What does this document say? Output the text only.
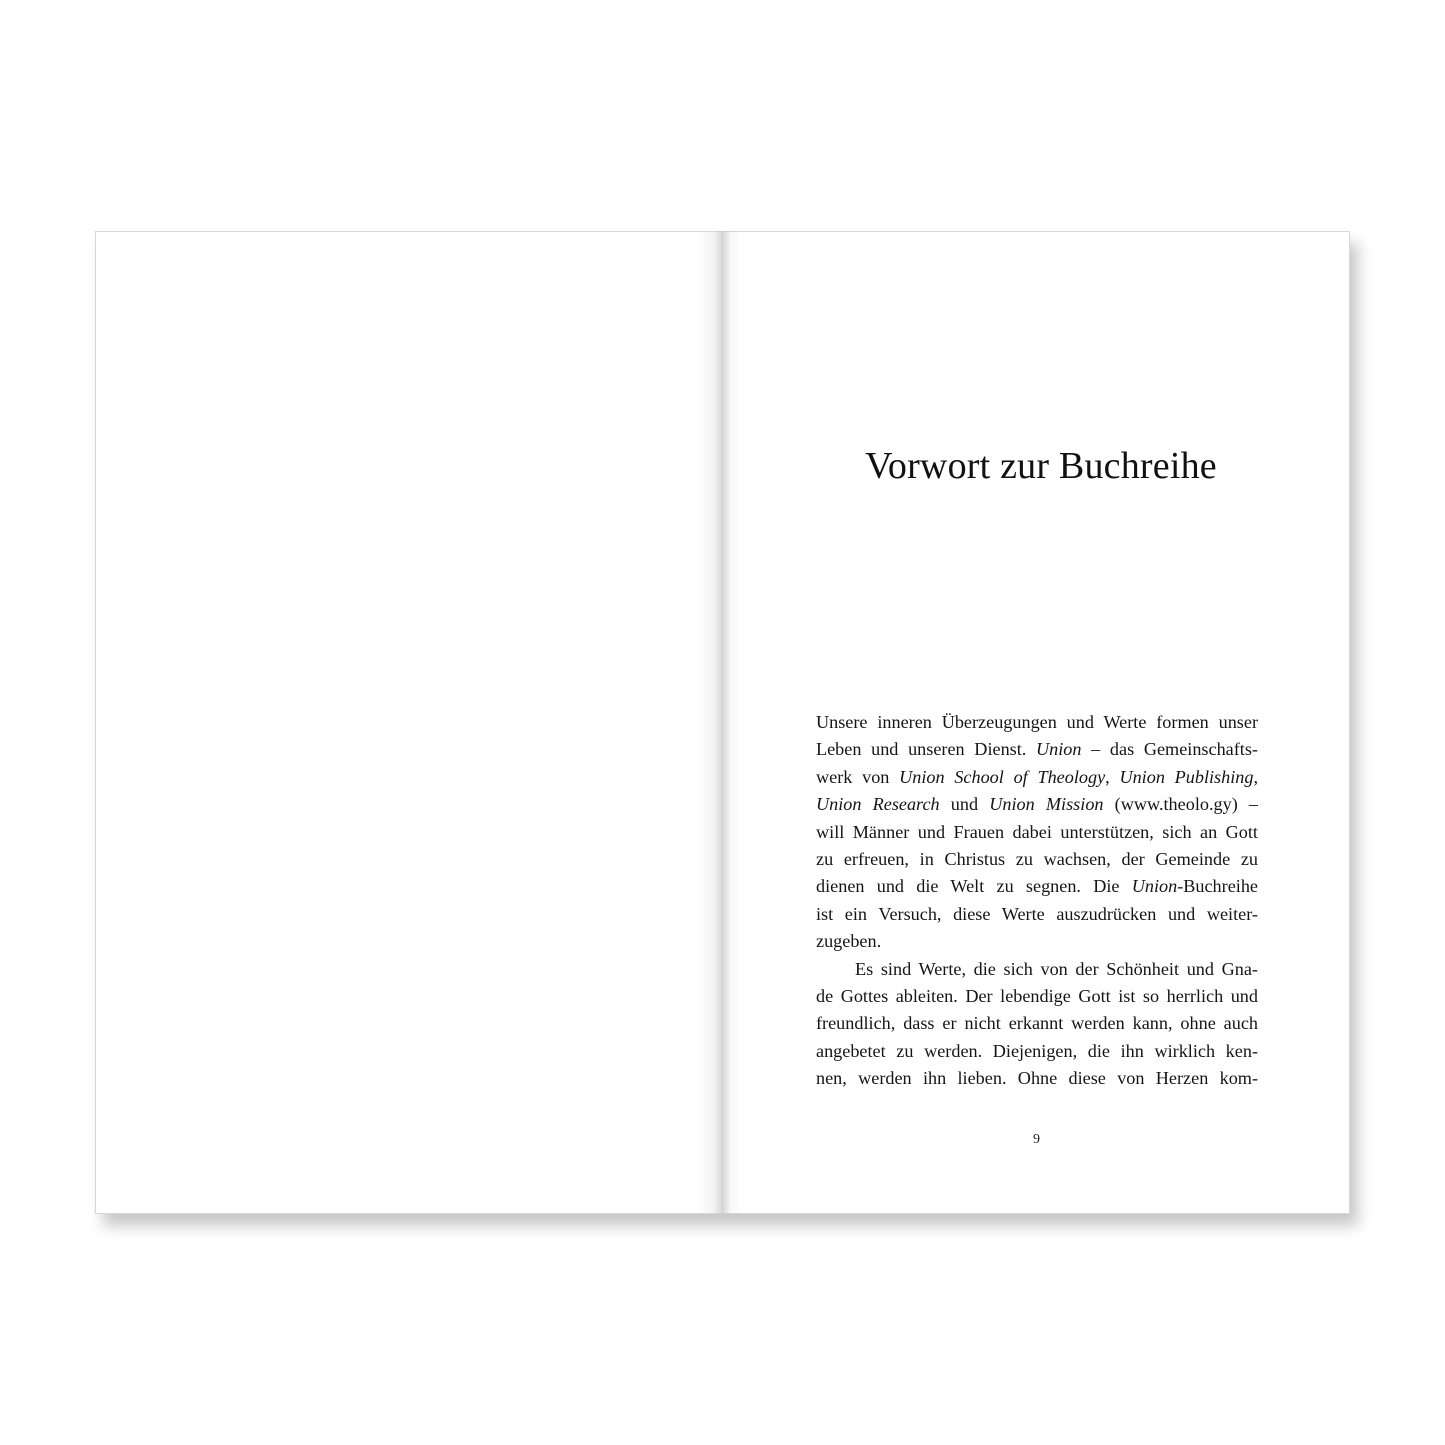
Vorwort zur Buchreihe
Unsere inneren Überzeugungen und Werte formen unser
Leben und unseren Dienst. Union – das Gemeinschafts-
werk von Union School of Theology, Union Publishing,
Union Research und Union Mission (www.theolo.gy) –
will Männer und Frauen dabei unterstützen, sich an Gott
zu erfreuen, in Christus zu wachsen, der Gemeinde zu
dienen und die Welt zu segnen. Die Union-Buchreihe
ist ein Versuch, diese Werte auszudrücken und weiter-
zugeben.
Es sind Werte, die sich von der Schönheit und Gna-
de Gottes ableiten. Der lebendige Gott ist so herrlich und
freundlich, dass er nicht erkannt werden kann, ohne auch
angebetet zu werden. Diejenigen, die ihn wirklich ken-
nen, werden ihn lieben. Ohne diese von Herzen kom-
9
